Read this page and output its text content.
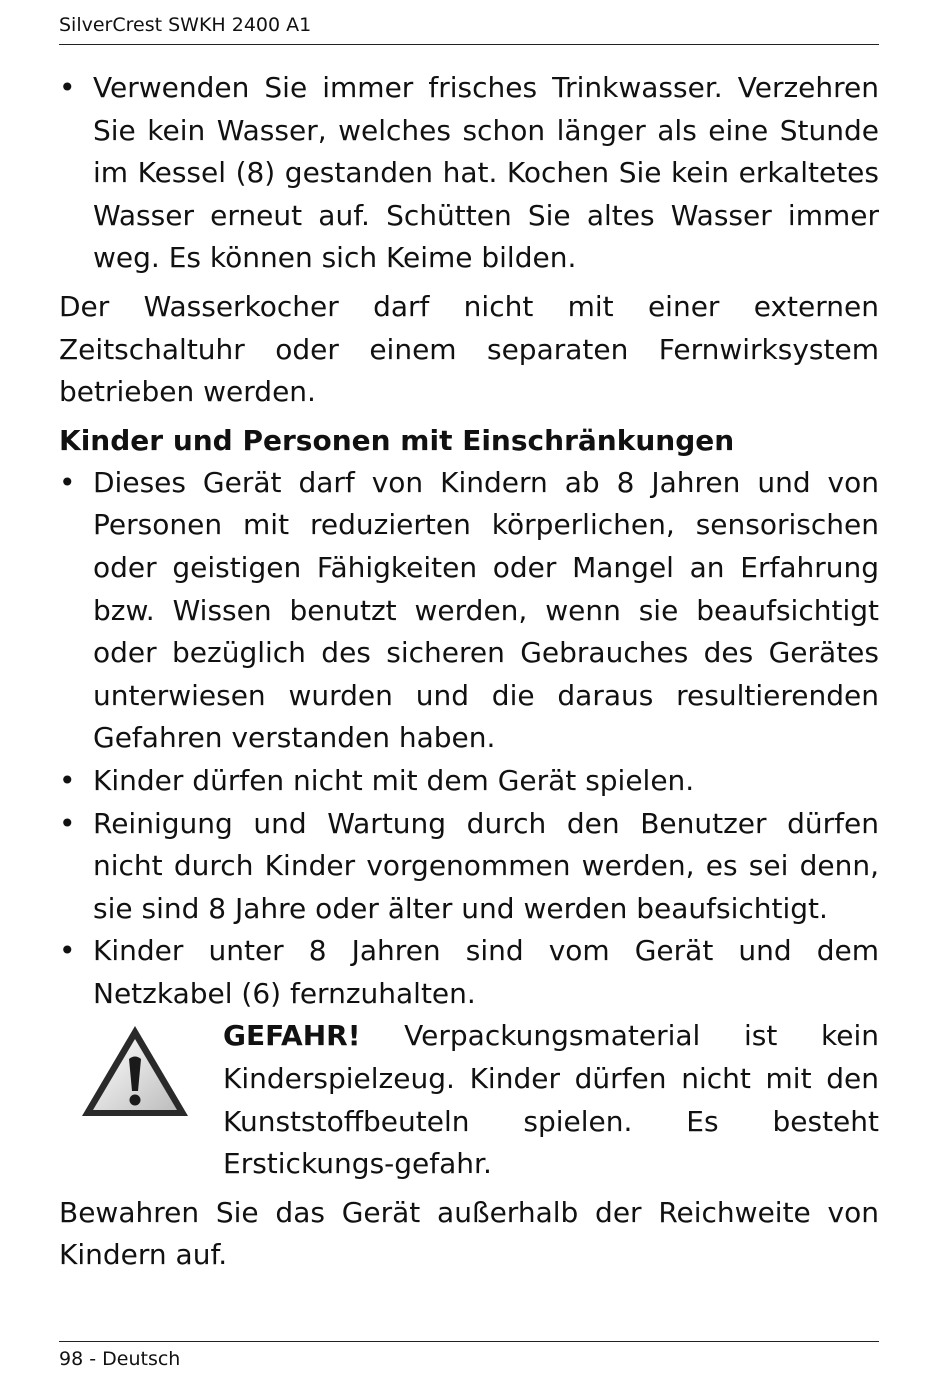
SilverCrest SWKH 2400 A1
• Verwenden Sie immer frisches Trinkwasser. Verzehren Sie kein Wasser, welches schon länger als eine Stunde im Kessel (8) gestanden hat. Kochen Sie kein erkaltetes Wasser erneut auf. Schütten Sie altes Wasser immer weg. Es können sich Keime bilden.
Der Wasserkocher darf nicht mit einer externen Zeitschaltuhr oder einem separaten Fernwirksystem betrieben werden.
Kinder und Personen mit Einschränkungen
• Dieses Gerät darf von Kindern ab 8 Jahren und von Personen mit reduzierten körperlichen, sensorischen oder geistigen Fähigkeiten oder Mangel an Erfahrung bzw. Wissen benutzt werden, wenn sie beaufsichtigt oder bezüglich des sicheren Gebrauches des Gerätes unterwiesen wurden und die daraus resultierenden Gefahren verstanden haben.
• Kinder dürfen nicht mit dem Gerät spielen.
• Reinigung und Wartung durch den Benutzer dürfen nicht durch Kinder vorgenommen werden, es sei denn, sie sind 8 Jahre oder älter und werden beaufsichtigt.
• Kinder unter 8 Jahren sind vom Gerät und dem Netzkabel (6) fernzuhalten.
GEFAHR! Verpackungsmaterial ist kein Kinderspielzeug. Kinder dürfen nicht mit den Kunststoffbeuteln spielen. Es besteht Erstickungs-gefahr.
Bewahren Sie das Gerät außerhalb der Reichweite von Kindern auf.
98 - Deutsch
